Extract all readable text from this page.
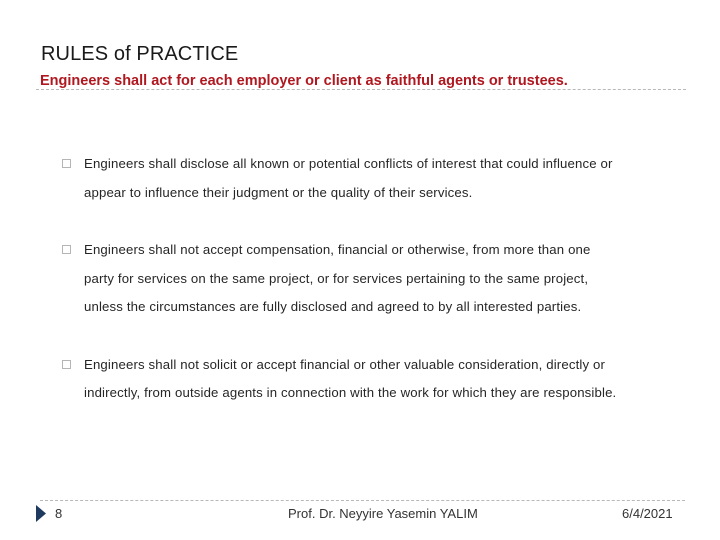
RULES of PRACTICE
Engineers shall act for each employer or client as faithful agents or trustees.
Engineers shall disclose all known or potential conflicts of interest that could influence or
appear to influence their judgment or the quality of their services.
Engineers shall not accept compensation, financial or otherwise, from more than one
party for services on the same project, or for services pertaining to the same project,
unless the circumstances are fully disclosed and agreed to by all interested parties.
Engineers shall not solicit or accept financial or other valuable consideration, directly or
indirectly, from outside agents in connection with the work for which they are responsible.
8	Prof. Dr. Neyyire Yasemin YALIM	6/4/2021
